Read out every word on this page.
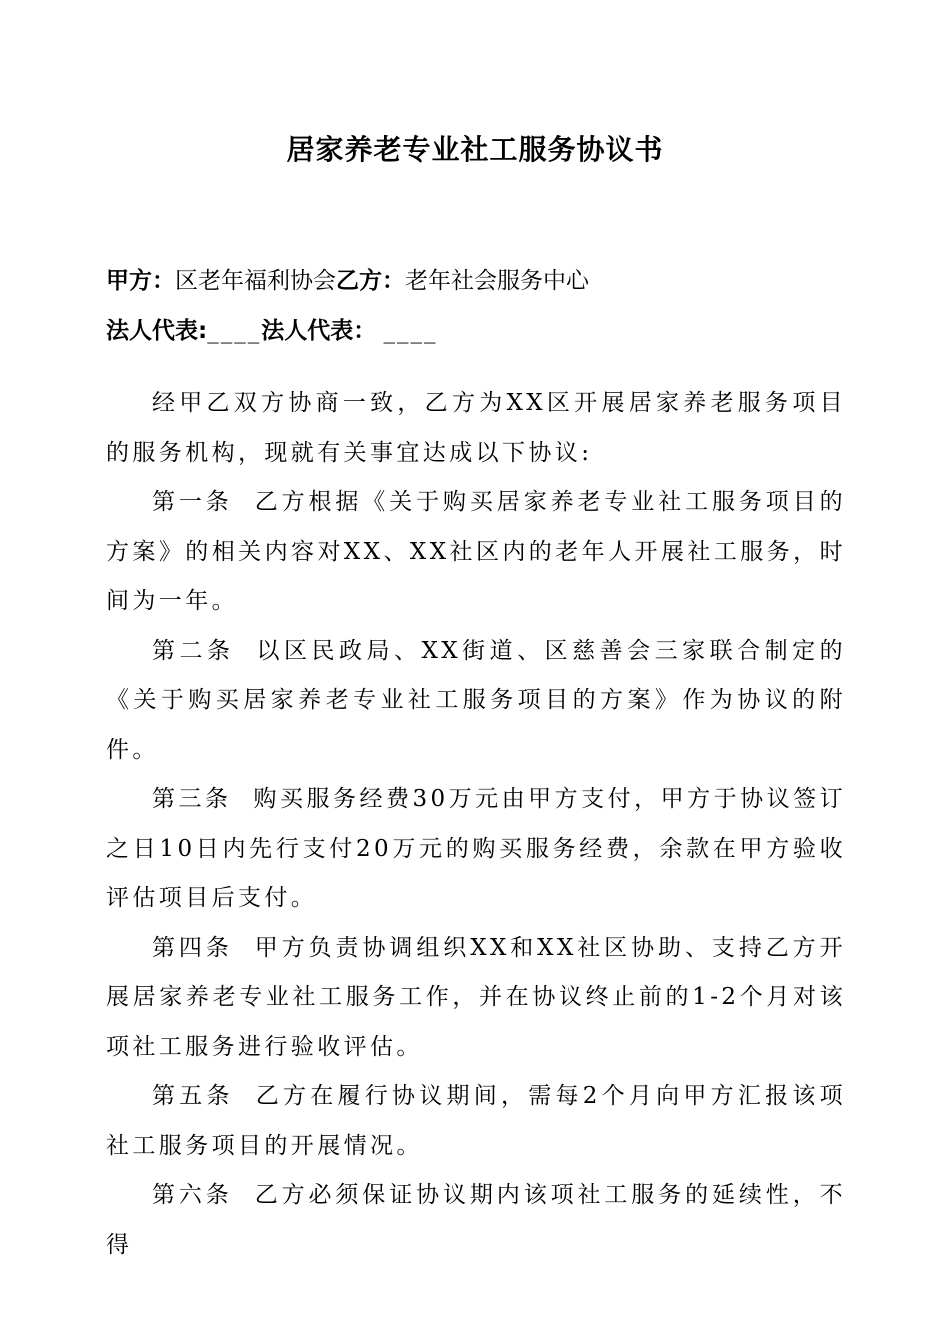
居家养老专业社工服务协议书
甲方：区老年福利协会乙方：老年社会服务中心
法人代表:____法人代表： ____

经甲乙双方协商一致，乙方为XX区开展居家养老服务项目的服务机构，现就有关事宜达成以下协议:

第一条 乙方根据《关于购买居家养老专业社工服务项目的方案》的相关内容对XX、XX社区内的老年人开展社工服务，时间为一年。

第二条 以区民政局、XX街道、区慈善会三家联合制定的《关于购买居家养老专业社工服务项目的方案》作为协议的附件。

第三条 购买服务经费30万元由甲方支付，甲方于协议签订之日10日内先行支付20万元的购买服务经费，余款在甲方验收评估项目后支付。

第四条 甲方负责协调组织XX和XX社区协助、支持乙方开展居家养老专业社工服务工作，并在协议终止前的1-2个月对该项社工服务进行验收评估。

第五条 乙方在履行协议期间，需每2个月向甲方汇报该项社工服务项目的开展情况。

第六条 乙方必须保证协议期内该项社工服务的延续性，不得
